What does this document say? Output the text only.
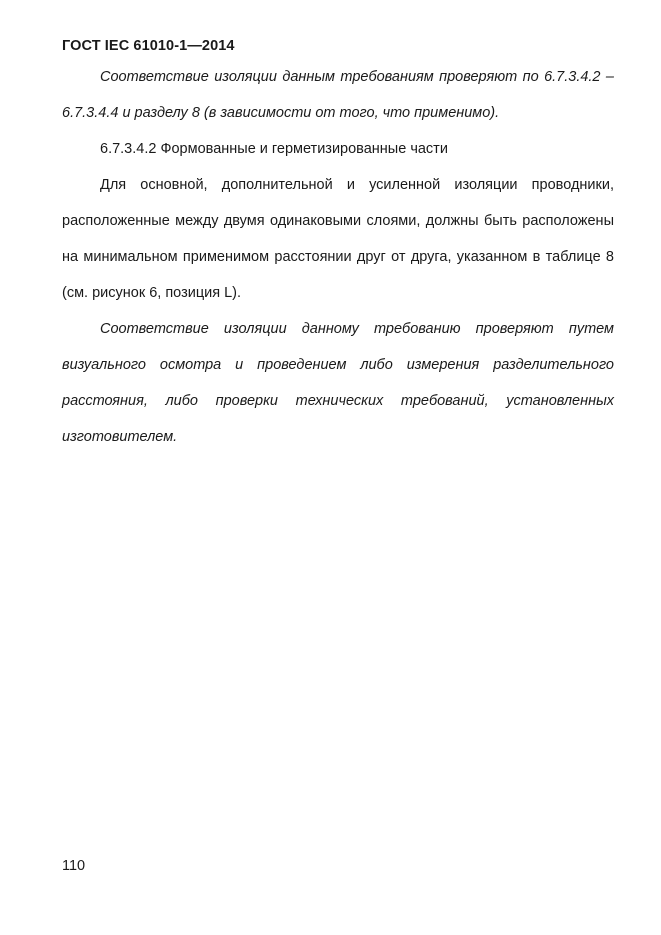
ГОСТ IEC 61010-1—2014

Соответствие изоляции данным требованиям проверяют по 6.7.3.4.2 – 6.7.3.4.4 и разделу 8 (в зависимости от того, что применимо).

6.7.3.4.2 Формованные и герметизированные части

Для основной, дополнительной и усиленной изоляции проводники, расположенные между двумя одинаковыми слоями, должны быть расположены на минимальном применимом расстоянии друг от друга, указанном в таблице 8 (см. рисунок 6, позиция L).

Соответствие изоляции данному требованию проверяют путем визуального осмотра и проведением либо измерения разделительного расстояния, либо проверки технических требований, установленных изготовителем.

110
